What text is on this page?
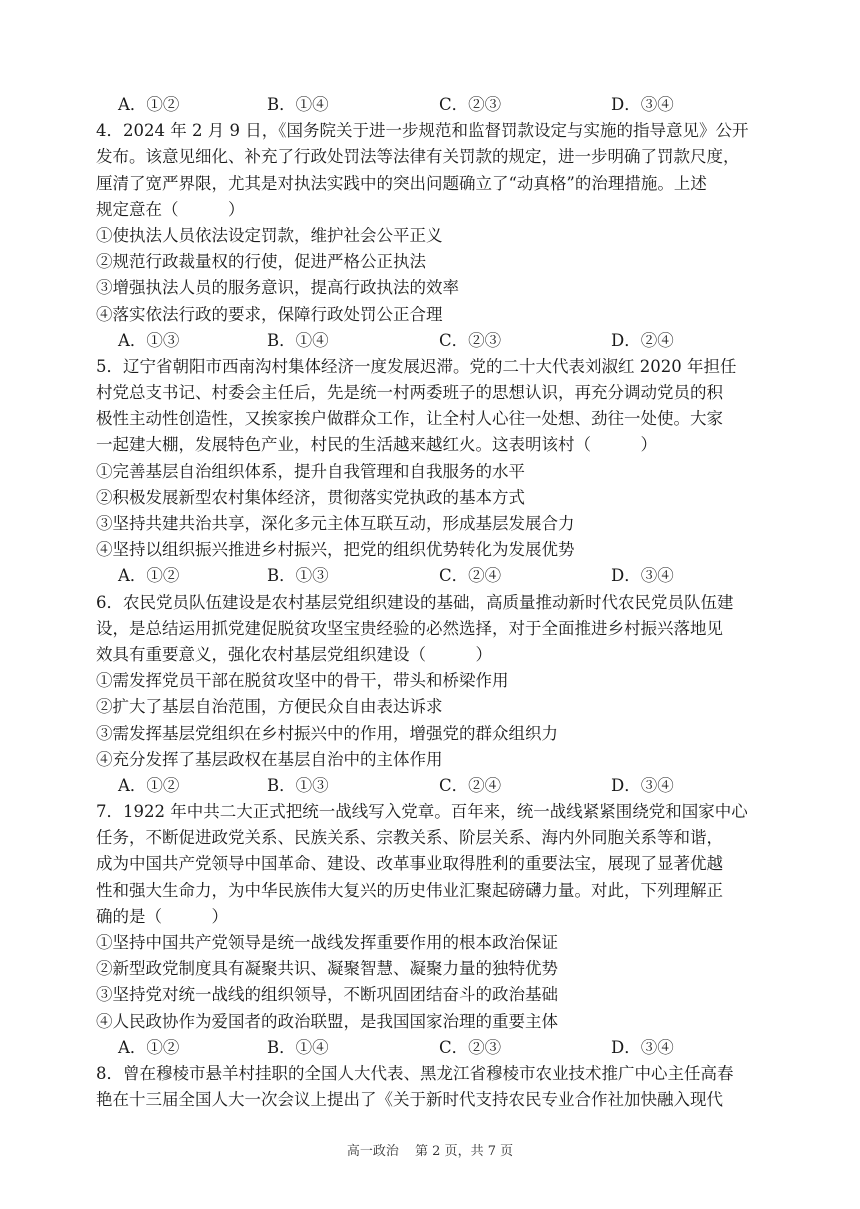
A．①②	B．①④	C．②③	D．③④
4．2024 年 2 月 9 日，《国务院关于进一步规范和监督罚款设定与实施的指导意见》公开
发布。该意见细化、补充了行政处罚法等法律有关罚款的规定，进一步明确了罚款尺度，
厘清了宽严界限，尤其是对执法实践中的突出问题确立了“动真格”的治理措施。上述
规定意在（　　　）
①使执法人员依法设定罚款，维护社会公平正义
②规范行政裁量权的行使，促进严格公正执法
③增强执法人员的服务意识，提高行政执法的效率
④落实依法行政的要求，保障行政处罚公正合理
A．①③	B．①④	C．②③	D．②④
5．辽宁省朝阳市西南沟村集体经济一度发展迟滞。党的二十大代表刘淑红 2020 年担任
村党总支书记、村委会主任后，先是统一村两委班子的思想认识，再充分调动党员的积
极性主动性创造性，又挨家挨户做群众工作，让全村人心往一处想、劲往一处使。大家
一起建大棚，发展特色产业，村民的生活越来越红火。这表明该村（　　　）
①完善基层自治组织体系，提升自我管理和自我服务的水平
②积极发展新型农村集体经济，贯彻落实党执政的基本方式
③坚持共建共治共享，深化多元主体互联互动，形成基层发展合力
④坚持以组织振兴推进乡村振兴，把党的组织优势转化为发展优势
A．①②	B．①③	C．②④	D．③④
6．农民党员队伍建设是农村基层党组织建设的基础，高质量推动新时代农民党员队伍建
设，是总结运用抓党建促脱贫攻坚宝贵经验的必然选择，对于全面推进乡村振兴落地见
效具有重要意义，强化农村基层党组织建设（　　　）
①需发挥党员干部在脱贫攻坚中的骨干，带头和桥梁作用
②扩大了基层自治范围，方便民众自由表达诉求
③需发挥基层党组织在乡村振兴中的作用，增强党的群众组织力
④充分发挥了基层政权在基层自治中的主体作用
A．①②	B．①③	C．②④	D．③④
7．1922 年中共二大正式把统一战线写入党章。百年来，统一战线紧紧围绕党和国家中心
任务，不断促进政党关系、民族关系、宗教关系、阶层关系、海内外同胞关系等和谐，
成为中国共产党领导中国革命、建设、改革事业取得胜利的重要法宝，展现了显著优越
性和强大生命力，为中华民族伟大复兴的历史伟业汇聚起磅礴力量。对此，下列理解正
确的是（　　　）
①坚持中国共产党领导是统一战线发挥重要作用的根本政治保证
②新型政党制度具有凝聚共识、凝聚智慧、凝聚力量的独特优势
③坚持党对统一战线的组织领导，不断巩固团结奋斗的政治基础
④人民政协作为爱国者的政治联盟，是我国国家治理的重要主体
A．①②	B．①④	C．②③	D．③④
8．曾在穆棱市悬羊村挂职的全国人大代表、黑龙江省穆棱市农业技术推广中心主任高春
艳在十三届全国人大一次会议上提出了《关于新时代支持农民专业合作社加快融入现代
高一政治 第 2 页，共 7 页
